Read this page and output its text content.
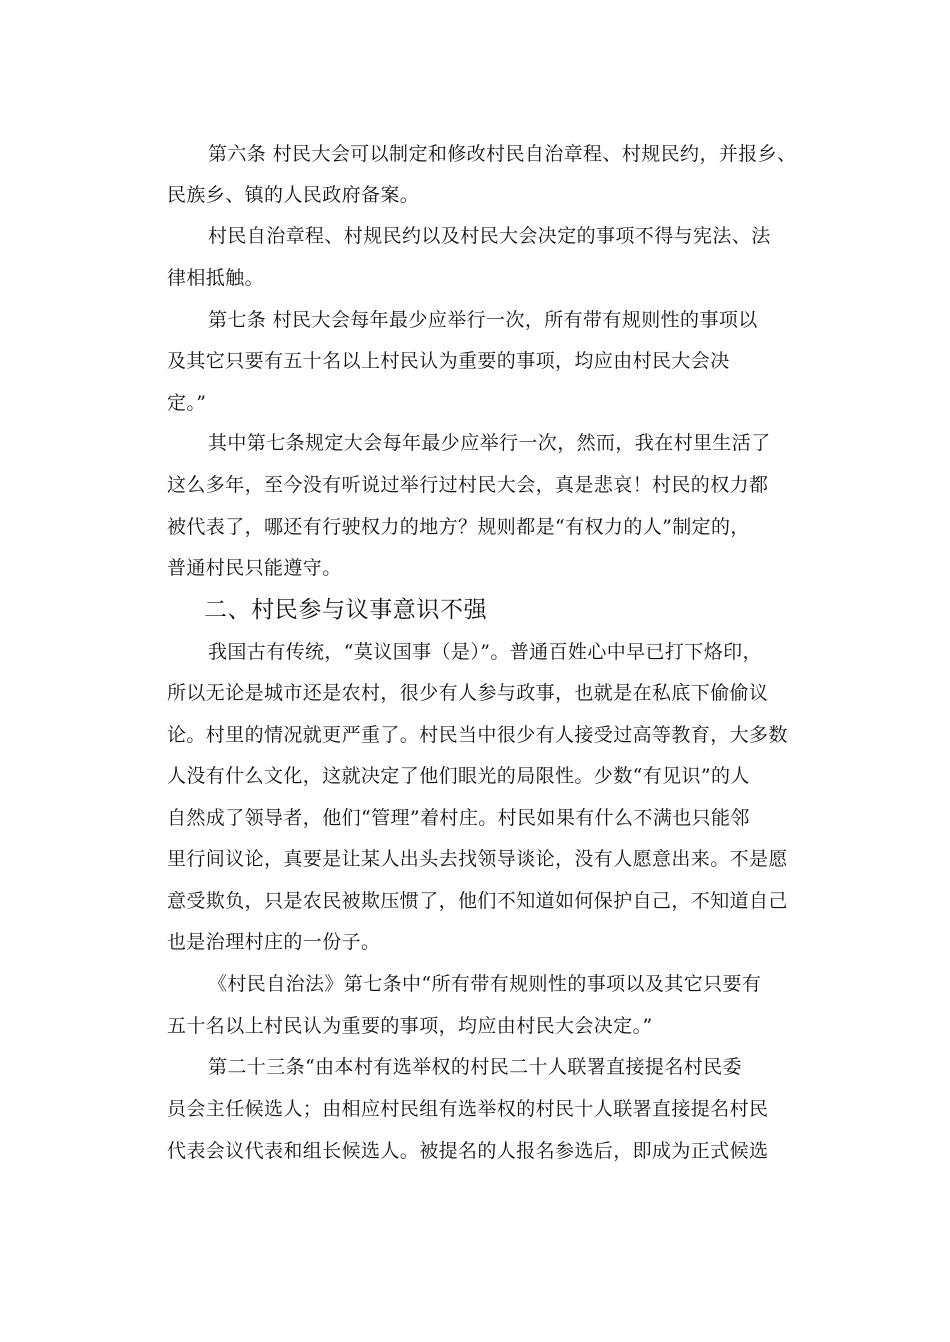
第六条 村民大会可以制定和修改村民自治章程、村规民约，并报乡、
民族乡、镇的人民政府备案。
村民自治章程、村规民约以及村民大会决定的事项不得与宪法、法
律相抵触。
第七条 村民大会每年最少应举行一次，所有带有规则性的事项以
及其它只要有五十名以上村民认为重要的事项，均应由村民大会决
定。”
其中第七条规定大会每年最少应举行一次，然而，我在村里生活了
这么多年，至今没有听说过举行过村民大会，真是悲哀！村民的权力都
被代表了，哪还有行驶权力的地方？规则都是“有权力的人”制定的，
普通村民只能遵守。
二、村民参与议事意识不强
我国古有传统，“莫议国事（是）”。普通百姓心中早已打下烙印，
所以无论是城市还是农村，很少有人参与政事，也就是在私底下偷偷议
论。村里的情况就更严重了。村民当中很少有人接受过高等教育，大多数
人没有什么文化，这就决定了他们眼光的局限性。少数“有见识”的人
自然成了领导者，他们“管理”着村庄。村民如果有什么不满也只能邻
里行间议论，真要是让某人出头去找领导谈论，没有人愿意出来。不是愿
意受欺负，只是农民被欺压惯了，他们不知道如何保护自己，不知道自己
也是治理村庄的一份子。
《村民自治法》第七条中“所有带有规则性的事项以及其它只要有
五十名以上村民认为重要的事项，均应由村民大会决定。”
第二十三条“由本村有选举权的村民二十人联署直接提名村民委
员会主任候选人；由相应村民组有选举权的村民十人联署直接提名村民
代表会议代表和组长候选人。被提名的人报名参选后，即成为正式候选
